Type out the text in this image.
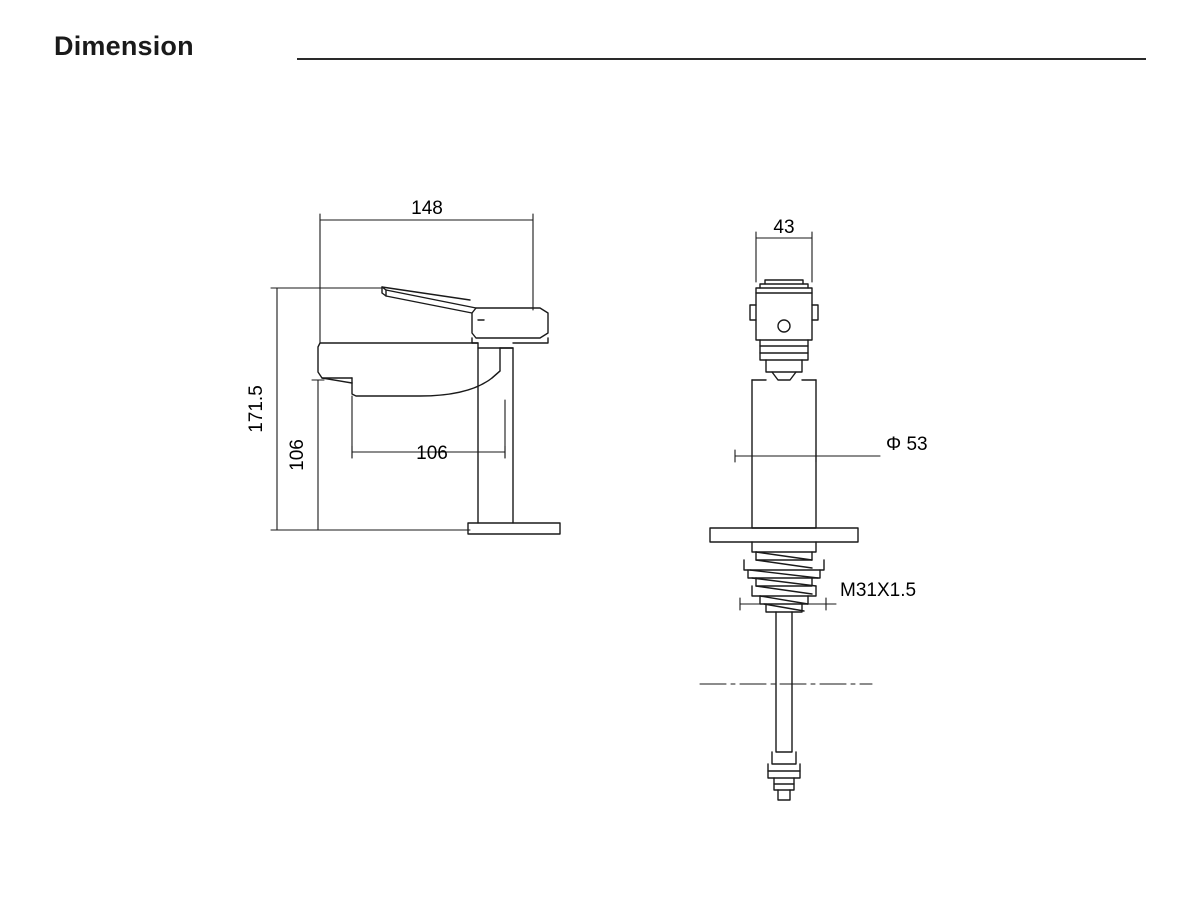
Dimension
148
171.5
106	106
43
Φ 53
M31X1.5
